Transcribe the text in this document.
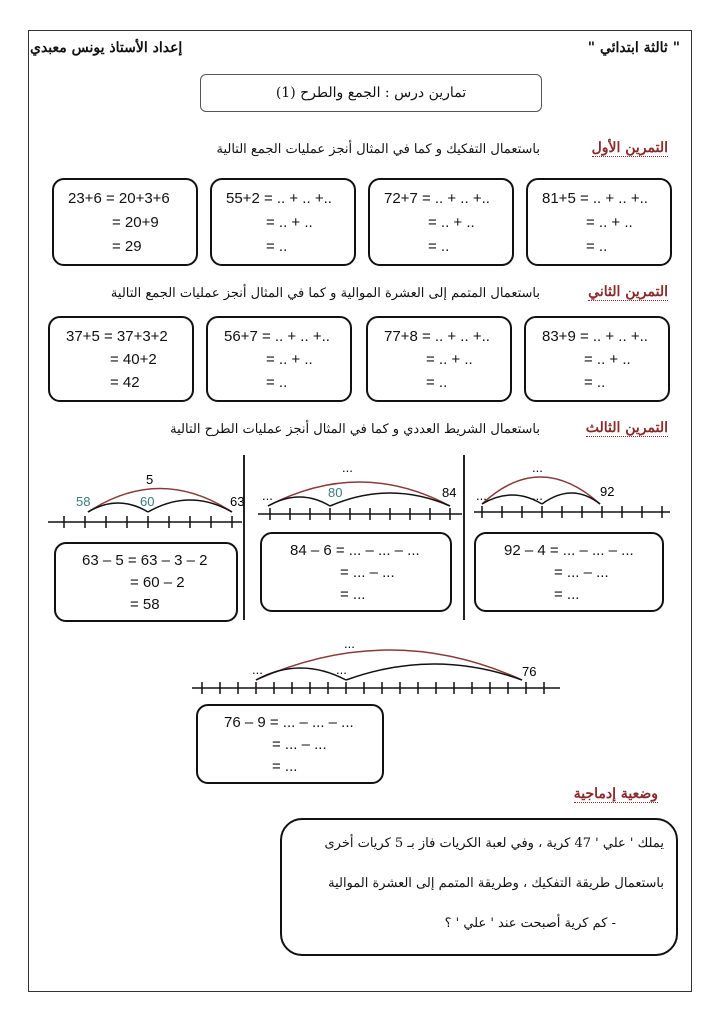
إعداد الأستاذ يونس معبدي	" ثالثة ابتدائي "
تمارين درس : الجمع والطرح (1)
التمرين الأول
باستعمال التفكيك و كما في المثال أنجز عمليات الجمع التالية
23+6 = 20+3+6
= 20+9
= 29
55+2 = .. + .. +..
= .. + ..
= ..
72+7 = .. + .. +..
= .. + ..
= ..
81+5 = .. + .. +..
= .. + ..
= ..
التمرين الثاني
باستعمال المتمم إلى العشرة الموالية و كما في المثال أنجز عمليات الجمع التالية
37+5 = 37+3+2
= 40+2
= 42
56+7 = .. + .. +..
= .. + ..
= ..
77+8 = .. + .. +..
= .. + ..
= ..
83+9 = .. + .. +..
= .. + ..
= ..
التمرين الثالث
باستعمال الشريط العددي و كما في المثال أنجز عمليات الطرح التالية
5
58	60	63
...
...	80	84
...
...	...	92
...
...	...	76
63 – 5 = 63 – 3 – 2
= 60 – 2
= 58
84 – 6 = ... – ... – ...
= ... – ...
= ...
92 – 4 = ... – ... – ...
= ... – ...
= ...
76 – 9 = ... – ... – ...
= ... – ...
= ...
وضعية إدماجية
يملك ' علي ' 47 كرية ، وفي لعبة الكريات فاز بـ 5 كريات أخرى
باستعمال طريقة التفكيك ، وطريقة المتمم إلى العشرة الموالية
- كم كرية أصبحت عند ' علي ' ؟
